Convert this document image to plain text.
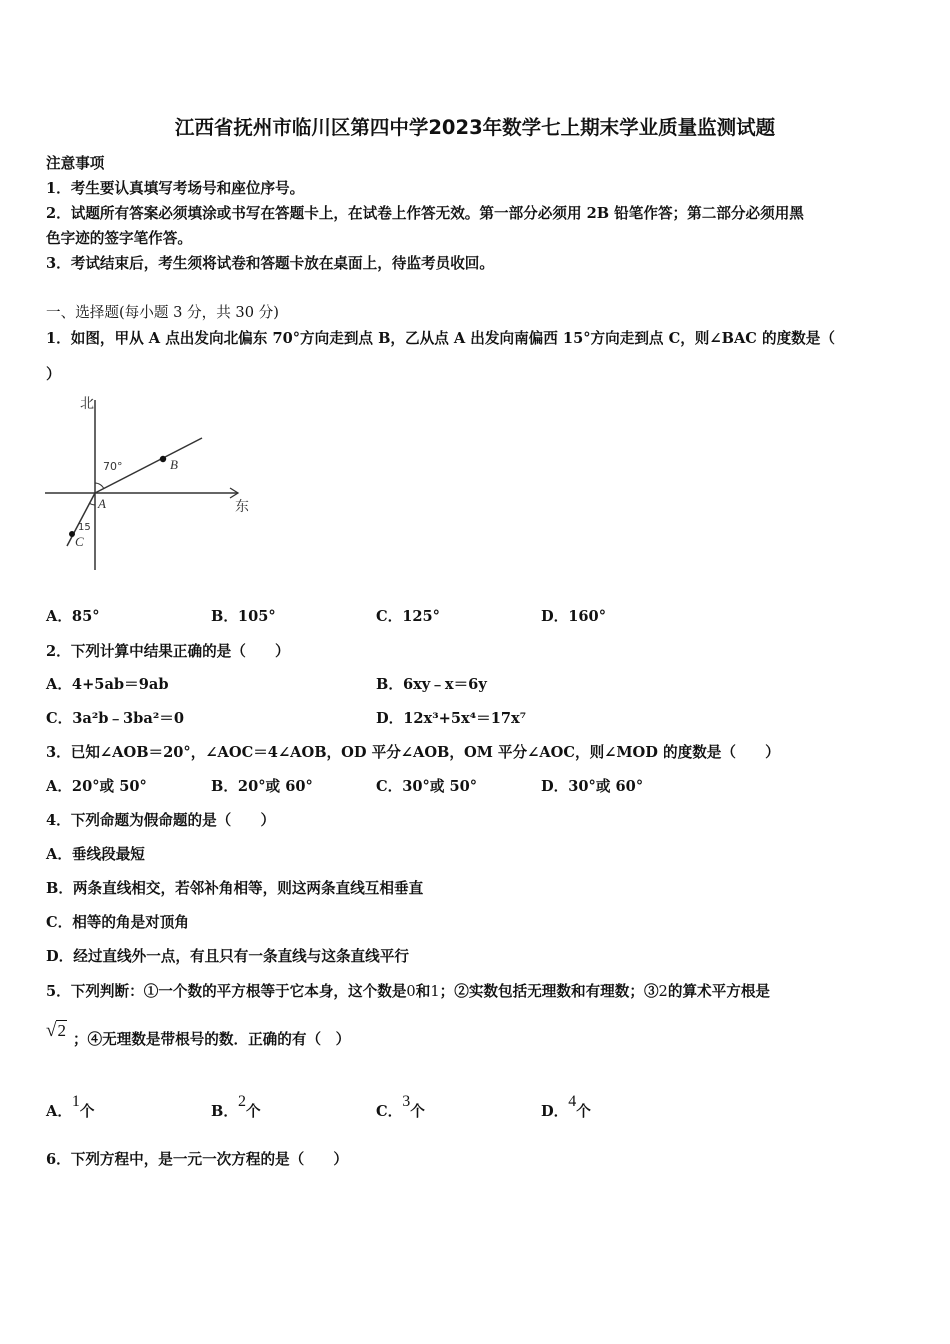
江西省抚州市临川区第四中学2023年数学七上期末学业质量监测试题
注意事项
1．考生要认真填写考场号和座位序号。
2．试题所有答案必须填涂或书写在答题卡上，在试卷上作答无效。第一部分必须用 2B 铅笔作答；第二部分必须用黑
色字迹的签字笔作答。
3．考试结束后，考生须将试卷和答题卡放在桌面上，待监考员收回。
一、选择题(每小题 3 分，共 30 分)
1．如图，甲从 A 点出发向北偏东 70°方向走到点 B，乙从点 A 出发向南偏西 15°方向走到点 C，则∠BAC 的度数是（
）
北
东
70°
15
A
B
C
A．85°	B．105°	C．125°	D．160°
2．下列计算中结果正确的是（　　）
A．4+5ab＝9ab	B．6xy﹣x＝6y
C．3a²b﹣3ba²＝0	D．12x³+5x⁴＝17x⁷
3．已知∠AOB＝20°，∠AOC＝4∠AOB，OD 平分∠AOB，OM 平分∠AOC，则∠MOD 的度数是（　　）
A．20°或 50°	B．20°或 60°	C．30°或 50°	D．30°或 60°
4．下列命题为假命题的是（　　）
A．垂线段最短
B．两条直线相交，若邻补角相等，则这两条直线互相垂直
C．相等的角是对顶角
D．经过直线外一点，有且只有一条直线与这条直线平行
5．下列判断：①一个数的平方根等于它本身，这个数是0和1；②实数包括无理数和有理数；③2的算术平方根是
√2 ；④无理数是带根号的数．正确的有（　）
A．1个	B．2个	C．3个	D．4个
6．下列方程中，是一元一次方程的是（　　）
